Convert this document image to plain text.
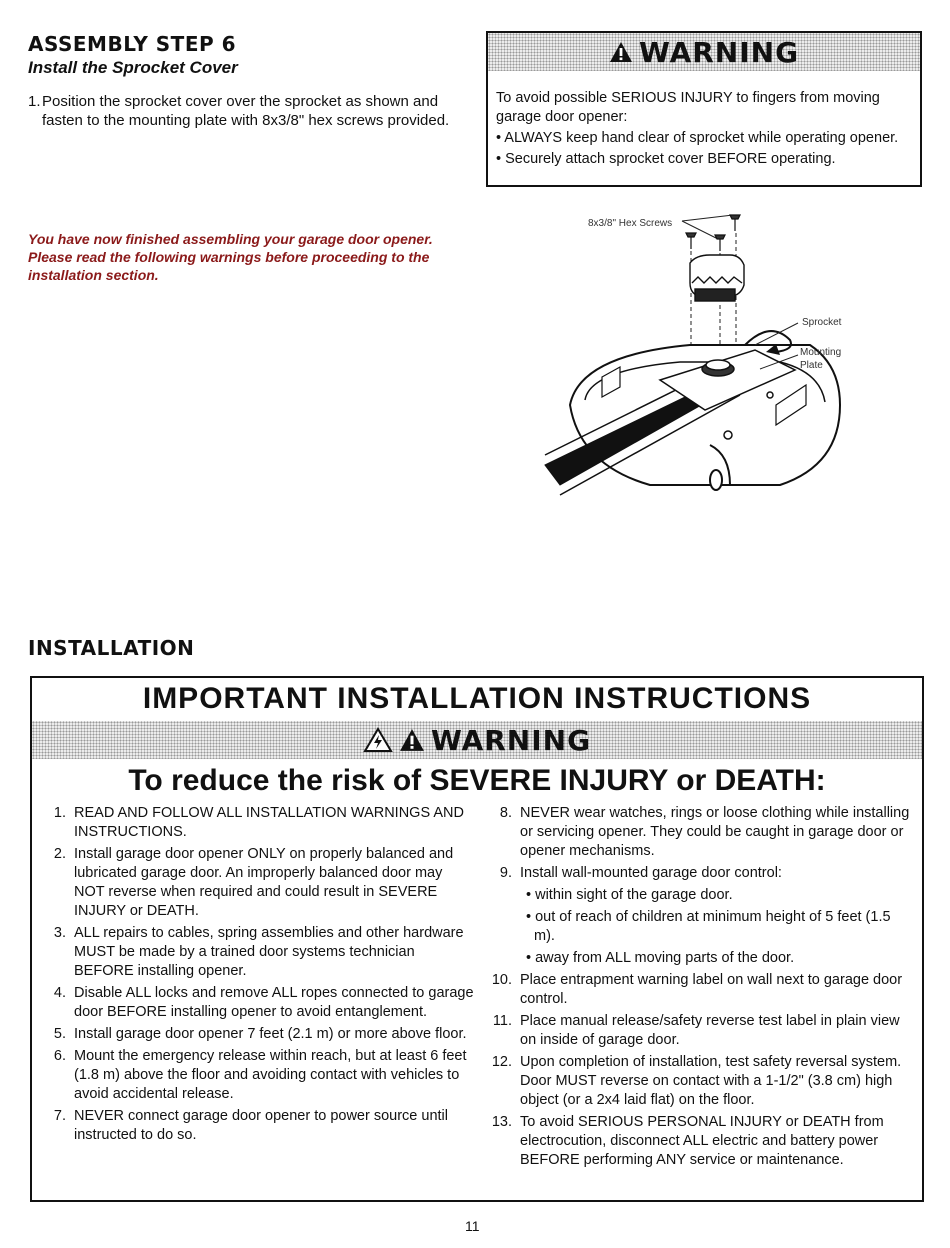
ASSEMBLY STEP 6
Install the Sprocket Cover
1. Position the sprocket cover over the sprocket as shown and fasten to the mounting plate with 8x3/8" hex screws provided.
WARNING
To avoid possible SERIOUS INJURY to fingers from moving garage door opener:
• ALWAYS keep hand clear of sprocket while operating opener.
• Securely attach sprocket cover BEFORE operating.
You have now finished assembling your garage door opener. Please read the following warnings before proceeding to the installation section.
8x3/8" Hex Screws
Sprocket
Mounting
Plate
INSTALLATION
IMPORTANT INSTALLATION INSTRUCTIONS
WARNING
To reduce the risk of SEVERE INJURY or DEATH:
1. READ AND FOLLOW ALL INSTALLATION WARNINGS AND INSTRUCTIONS.
2. Install garage door opener ONLY on properly balanced and lubricated garage door. An improperly balanced door may NOT reverse when required and could result in SEVERE INJURY or DEATH.
3. ALL repairs to cables, spring assemblies and other hardware MUST be made by a trained door systems technician BEFORE installing opener.
4. Disable ALL locks and remove ALL ropes connected to garage door BEFORE installing opener to avoid entanglement.
5. Install garage door opener 7 feet (2.1 m) or more above floor.
6. Mount the emergency release within reach, but at least 6 feet (1.8 m) above the floor and avoiding contact with vehicles to avoid accidental release.
7. NEVER connect garage door opener to power source until instructed to do so.
8. NEVER wear watches, rings or loose clothing while installing or servicing opener. They could be caught in garage door or opener mechanisms.
9. Install wall-mounted garage door control:
• within sight of the garage door.
• out of reach of children at minimum height of 5 feet (1.5 m).
• away from ALL moving parts of the door.
10. Place entrapment warning label on wall next to garage door control.
11. Place manual release/safety reverse test label in plain view on inside of garage door.
12. Upon completion of installation, test safety reversal system. Door MUST reverse on contact with a 1-1/2" (3.8 cm) high object (or a 2x4 laid flat) on the floor.
13. To avoid SERIOUS PERSONAL INJURY or DEATH from electrocution, disconnect ALL electric and battery power BEFORE performing ANY service or maintenance.
11
